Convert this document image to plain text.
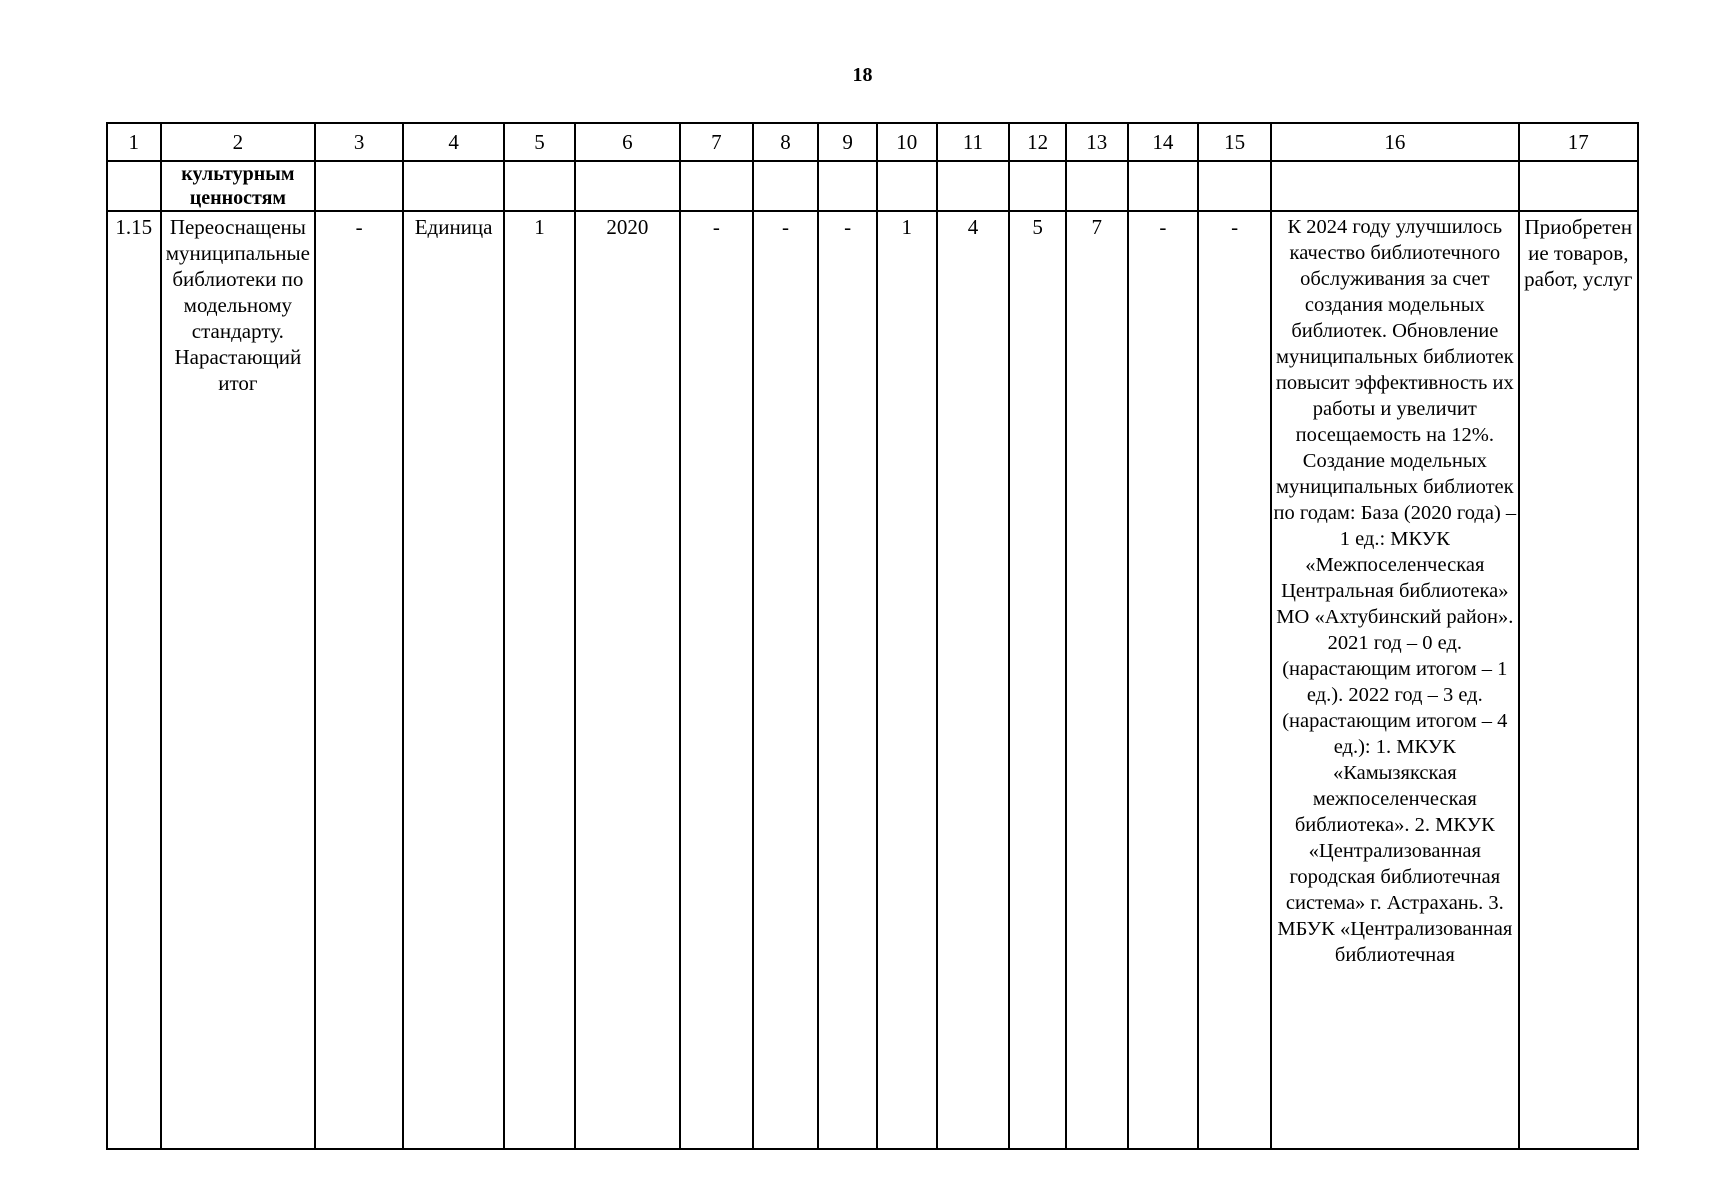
18
1	2	3	4	5	6	7	8	9	10	11	12	13	14	15	16	17
	культурным ценностям															
1.15	Переоснащены муниципальные библиотеки по модельному стандарту. Нарастающий итог	-	Единица	1	2020	-	-	-	1	4	5	7	-	-	К 2024 году улучшилось качество библиотечного обслуживания за счет создания модельных библиотек. Обновление муниципальных библиотек повысит эффективность их работы и увеличит посещаемость на 12%. Создание модельных муниципальных библиотек по годам: База (2020 года) – 1 ед.: МКУК «Межпоселенческая Центральная библиотека» МО «Ахтубинский район». 2021 год – 0 ед. (нарастающим итогом – 1 ед.). 2022 год – 3 ед. (нарастающим итогом – 4 ед.): 1. МКУК «Камызякская межпоселенческая библиотека». 2. МКУК «Централизованная городская библиотечная система» г. Астрахань. 3. МБУК «Централизованная библиотечная	Приобретение товаров, работ, услуг
